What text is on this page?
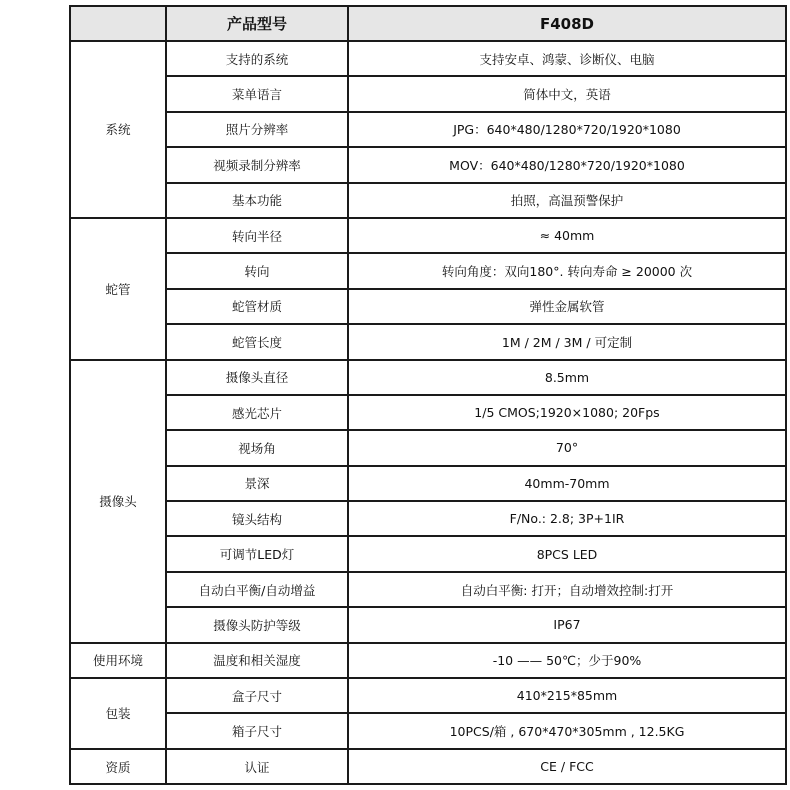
	产品型号	F408D
系统	支持的系统	支持安卓、鸿蒙、诊断仪、电脑
	菜单语言	简体中文，英语
	照片分辨率	JPG：640*480/1280*720/1920*1080
	视频录制分辨率	MOV：640*480/1280*720/1920*1080
	基本功能	拍照，高温预警保护
蛇管	转向半径	≈ 40mm
	转向	转向角度：双向180°. 转向寿命 ≥ 20000 次
	蛇管材质	弹性金属软管
	蛇管长度	1M / 2M / 3M / 可定制
摄像头	摄像头直径	8.5mm
	感光芯片	1/5 CMOS;1920×1080; 20Fps
	视场角	70°
	景深	40mm-70mm
	镜头结构	F/No.: 2.8; 3P+1IR
	可调节LED灯	8PCS LED
	自动白平衡/自动增益	自动白平衡: 打开；自动增效控制:打开
	摄像头防护等级	IP67
使用环境	温度和相关湿度	-10 —— 50℃；少于90%
包装	盒子尺寸	410*215*85mm
	箱子尺寸	10PCS/箱 , 670*470*305mm , 12.5KG
资质	认证	CE / FCC
